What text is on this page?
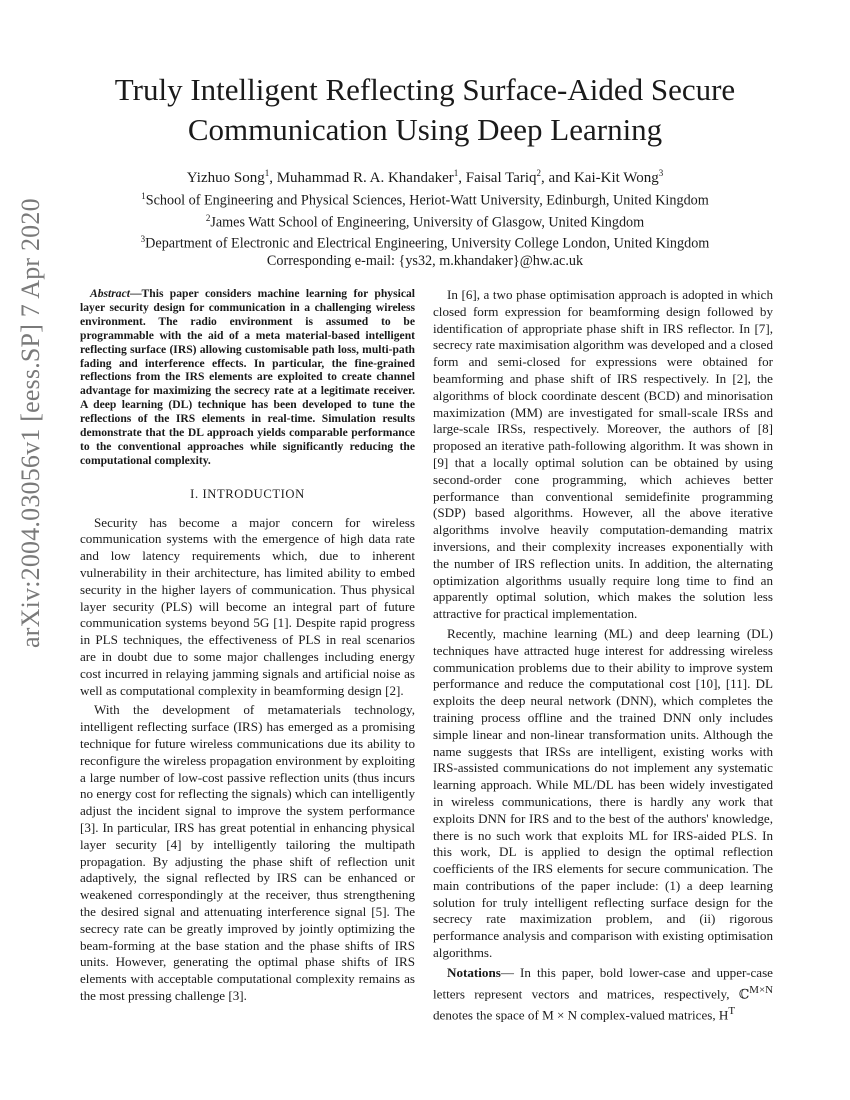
arXiv:2004.03056v1 [eess.SP] 7 Apr 2020
Truly Intelligent Reflecting Surface-Aided Secure
Communication Using Deep Learning
Yizhuo Song$^1$, Muhammad R. A. Khandaker$^1$, Faisal Tariq$^2$, and Kai-Kit Wong$^3$
$^1$School of Engineering and Physical Sciences, Heriot-Watt University, Edinburgh, United Kingdom
$^2$James Watt School of Engineering, University of Glasgow, United Kingdom
$^3$Department of Electronic and Electrical Engineering, University College London, United Kingdom
Corresponding e-mail: {ys32, m.khandaker}@hw.ac.uk

Abstract—This paper considers machine learning for physical layer security design for communication in a challenging wireless environment. The radio environment is assumed to be programmable with the aid of a meta material-based intelligent reflecting surface (IRS) allowing customisable path loss, multi-path fading and interference effects. In particular, the fine-grained reflections from the IRS elements are exploited to create channel advantage for maximizing the secrecy rate at a legitimate receiver. A deep learning (DL) technique has been developed to tune the reflections of the IRS elements in real-time. Simulation results demonstrate that the DL approach yields comparable performance to the conventional approaches while significantly reducing the computational complexity.

I. INTRODUCTION

Security has become a major concern for wireless communication systems with the emergence of high data rate and low latency requirements which, due to inherent vulnerability in their architecture, has limited ability to embed security in the higher layers of communication. Thus physical layer security (PLS) will become an integral part of future communication systems beyond 5G [1]. Despite rapid progress in PLS techniques, the effectiveness of PLS in real scenarios are in doubt due to some major challenges including energy cost incurred in relaying jamming signals and artificial noise as well as computational complexity in beamforming design [2].

With the development of metamaterials technology, intelligent reflecting surface (IRS) has emerged as a promising technique for future wireless communications due its ability to reconfigure the wireless propagation environment by exploiting a large number of low-cost passive reflection units (thus incurs no energy cost for reflecting the signals) which can intelligently adjust the incident signal to improve the system performance [3]. In particular, IRS has great potential in enhancing physical layer security [4] by intelligently tailoring the multipath propagation. By adjusting the phase shift of reflection unit adaptively, the signal reflected by IRS can be enhanced or weakened correspondingly at the receiver, thus strengthening the desired signal and attenuating interference signal [5]. The secrecy rate can be greatly improved by jointly optimizing the beam-forming at the base station and the phase shifts of IRS units. However, generating the optimal phase shifts of IRS elements with acceptable computational complexity remains as the most pressing challenge [3].

In [6], a two phase optimisation approach is adopted in which closed form expression for beamforming design followed by identification of appropriate phase shift in IRS reflector. In [7], secrecy rate maximisation algorithm was developed and a closed form and semi-closed for expressions were obtained for beamforming and phase shift of IRS respectively. In [2], the algorithms of block coordinate descent (BCD) and minorisation maximization (MM) are investigated for small-scale IRSs and large-scale IRSs, respectively. Moreover, the authors of [8] proposed an iterative path-following algorithm. It was shown in [9] that a locally optimal solution can be obtained by using second-order cone programming, which achieves better performance than conventional semidefinite programming (SDP) based algorithms. However, all the above iterative algorithms involve heavily computation-demanding matrix inversions, and their complexity increases exponentially with the number of IRS reflection units. In addition, the alternating optimization algorithms usually require long time to find an apparently optimal solution, which makes the solution less attractive for practical implementation.

Recently, machine learning (ML) and deep learning (DL) techniques have attracted huge interest for addressing wireless communication problems due to their ability to improve system performance and reduce the computational cost [10], [11]. DL exploits the deep neural network (DNN), which completes the training process offline and the trained DNN only includes simple linear and non-linear transformation units. Although the name suggests that IRSs are intelligent, existing works with IRS-assisted communications do not implement any systematic learning approach. While ML/DL has been widely investigated in wireless communications, there is hardly any work that exploits DNN for IRS and to the best of the authors' knowledge, there is no such work that exploits ML for IRS-aided PLS. In this work, DL is applied to design the optimal reflection coefficients of the IRS elements for secure communication. The main contributions of the paper include: (1) a deep learning solution for truly intelligent reflecting surface design for the secrecy rate maximization problem, and (ii) rigorous performance analysis and comparison with existing optimisation algorithms.

Notations— In this paper, bold lower-case and upper-case letters represent vectors and matrices, respectively, ℂ$^{M\times N}$ denotes the space of M × N complex-valued matrices, $H^T$
